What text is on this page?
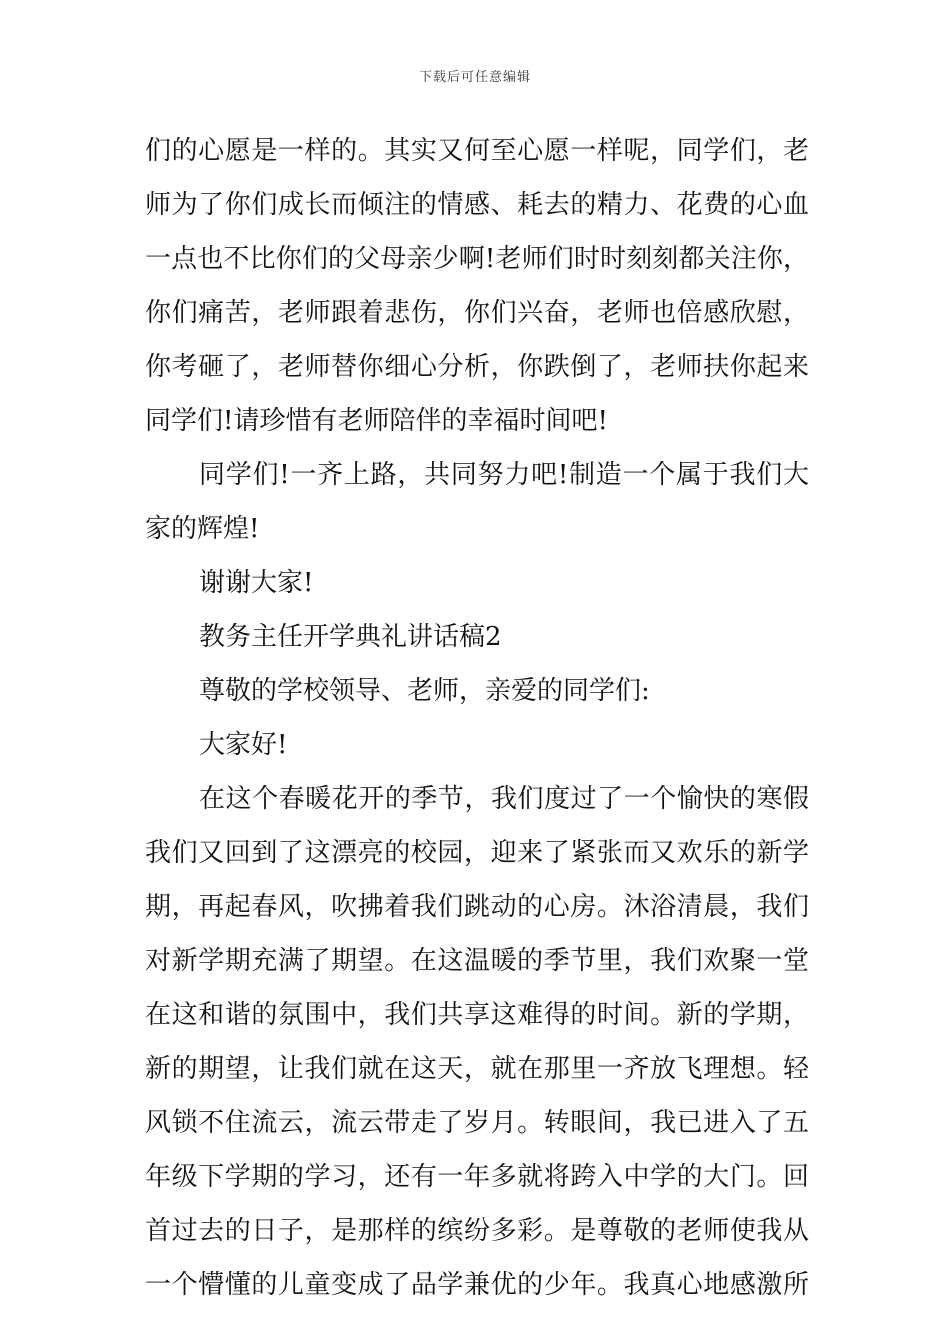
下载后可任意编辑
们的心愿是一样的。其实又何至心愿一样呢，同学们，老
师为了你们成长而倾注的情感、耗去的精力、花费的心血
一点也不比你们的父母亲少啊!老师们时时刻刻都关注你，
你们痛苦，老师跟着悲伤，你们兴奋，老师也倍感欣慰，
你考砸了，老师替你细心分析，你跌倒了，老师扶你起来
同学们!请珍惜有老师陪伴的幸福时间吧!
同学们!一齐上路，共同努力吧!制造一个属于我们大
家的辉煌!
谢谢大家!
教务主任开学典礼讲话稿2
尊敬的学校领导、老师，亲爱的同学们:
大家好!
在这个春暖花开的季节，我们度过了一个愉快的寒假
我们又回到了这漂亮的校园，迎来了紧张而又欢乐的新学
期，再起春风，吹拂着我们跳动的心房。沐浴清晨，我们
对新学期充满了期望。在这温暖的季节里，我们欢聚一堂
在这和谐的氛围中，我们共享这难得的时间。新的学期，
新的期望，让我们就在这天，就在那里一齐放飞理想。轻
风锁不住流云，流云带走了岁月。转眼间，我已进入了五
年级下学期的学习，还有一年多就将跨入中学的大门。回
首过去的日子，是那样的缤纷多彩。是尊敬的老师使我从
一个懵懂的儿童变成了品学兼优的少年。我真心地感激所
